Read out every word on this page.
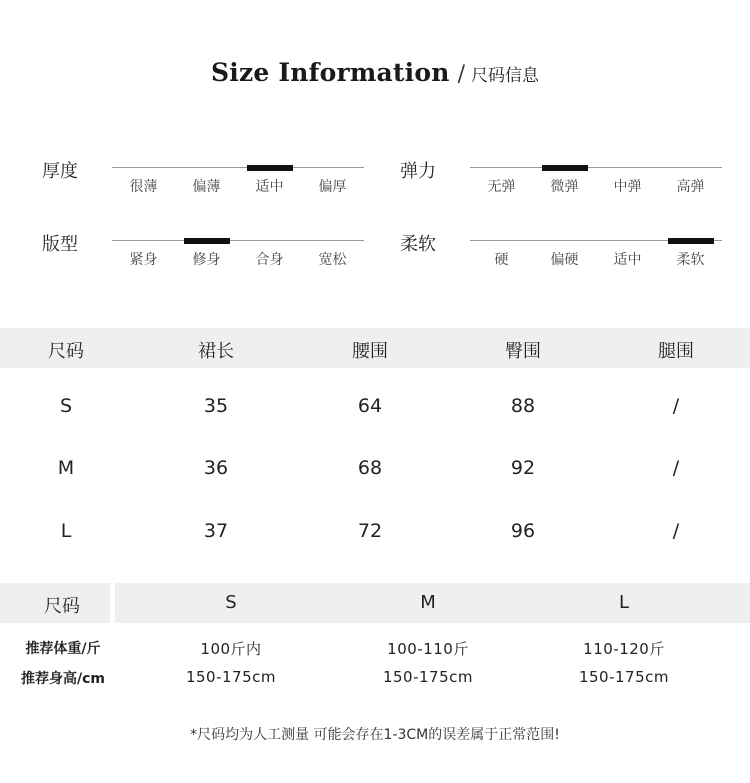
Size Information / 尺码信息
厚度
很薄	偏薄	适中	偏厚
弹力
无弹	微弹	中弹	高弹
版型
紧身	修身	合身	宽松
柔软
硬	偏硬	适中	柔软
尺码	裙长	腰围	臀围	腿围
S	35	64	88	/
M	36	68	92	/
L	37	72	96	/
尺码	S	M	L
推荐体重/斤	100斤内	100-110斤	110-120斤
推荐身高/cm	150-175cm	150-175cm	150-175cm
*尺码均为人工测量 可能会存在1-3CM的误差属于正常范围!
